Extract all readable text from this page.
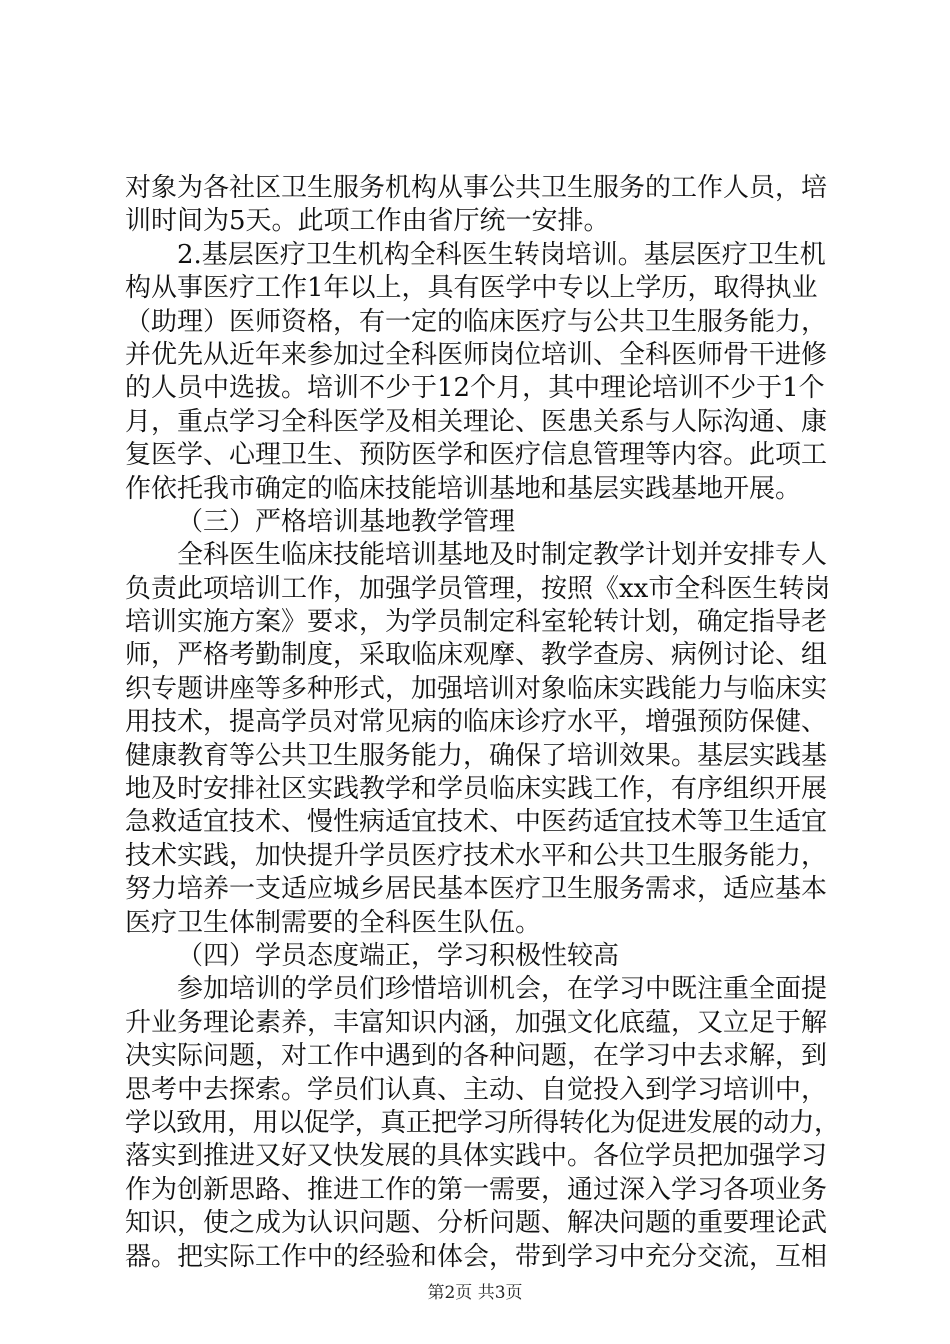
对象为各社区卫生服务机构从事公共卫生服务的工作人员，培
训时间为5天。此项工作由省厅统一安排。
2.基层医疗卫生机构全科医生转岗培训。基层医疗卫生机
构从事医疗工作1年以上，具有医学中专以上学历，取得执业
（助理）医师资格，有一定的临床医疗与公共卫生服务能力，
并优先从近年来参加过全科医师岗位培训、全科医师骨干进修
的人员中选拔。培训不少于12个月，其中理论培训不少于1个
月，重点学习全科医学及相关理论、医患关系与人际沟通、康
复医学、心理卫生、预防医学和医疗信息管理等内容。此项工
作依托我市确定的临床技能培训基地和基层实践基地开展。
（三）严格培训基地教学管理
全科医生临床技能培训基地及时制定教学计划并安排专人
负责此项培训工作，加强学员管理，按照《xx市全科医生转岗
培训实施方案》要求，为学员制定科室轮转计划，确定指导老
师，严格考勤制度，采取临床观摩、教学查房、病例讨论、组
织专题讲座等多种形式，加强培训对象临床实践能力与临床实
用技术，提高学员对常见病的临床诊疗水平，增强预防保健、
健康教育等公共卫生服务能力，确保了培训效果。基层实践基
地及时安排社区实践教学和学员临床实践工作，有序组织开展
急救适宜技术、慢性病适宜技术、中医药适宜技术等卫生适宜
技术实践，加快提升学员医疗技术水平和公共卫生服务能力，
努力培养一支适应城乡居民基本医疗卫生服务需求，适应基本
医疗卫生体制需要的全科医生队伍。
（四）学员态度端正，学习积极性较高
参加培训的学员们珍惜培训机会，在学习中既注重全面提
升业务理论素养，丰富知识内涵，加强文化底蕴，又立足于解
决实际问题，对工作中遇到的各种问题，在学习中去求解，到
思考中去探索。学员们认真、主动、自觉投入到学习培训中，
学以致用，用以促学，真正把学习所得转化为促进发展的动力，
落实到推进又好又快发展的具体实践中。各位学员把加强学习
作为创新思路、推进工作的第一需要，通过深入学习各项业务
知识，使之成为认识问题、分析问题、解决问题的重要理论武
器。把实际工作中的经验和体会，带到学习中充分交流，互相
第2页 共3页
